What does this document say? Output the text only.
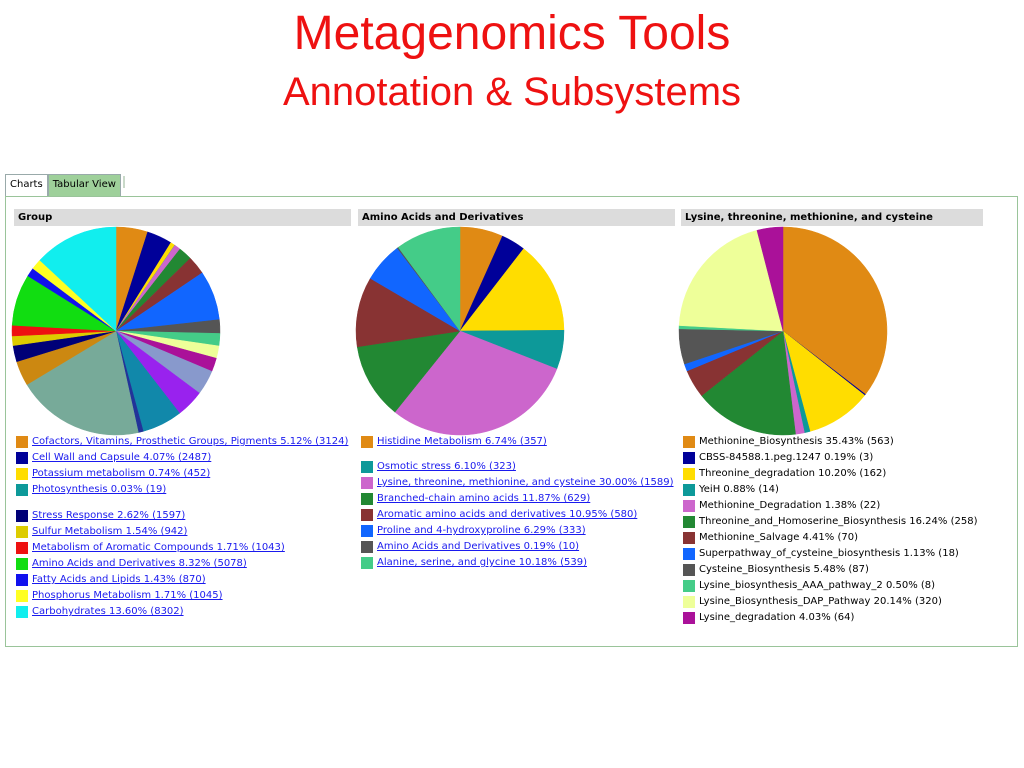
Metagenomics Tools
Annotation & Subsystems
Charts	Tabular View
Group	Amino Acids and Derivatives	Lysine, threonine, methionine, and cysteine
Cofactors, Vitamins, Prosthetic Groups, Pigments 5.12% (3124)
Cell Wall and Capsule 4.07% (2487)
Potassium metabolism 0.74% (452)
Photosynthesis 0.03% (19)
Stress Response 2.62% (1597)
Sulfur Metabolism 1.54% (942)
Metabolism of Aromatic Compounds 1.71% (1043)
Amino Acids and Derivatives 8.32% (5078)
Fatty Acids and Lipids 1.43% (870)
Phosphorus Metabolism 1.71% (1045)
Carbohydrates 13.60% (8302)
Histidine Metabolism 6.74% (357)
Osmotic stress 6.10% (323)
Lysine, threonine, methionine, and cysteine 30.00% (1589)
Branched-chain amino acids 11.87% (629)
Aromatic amino acids and derivatives 10.95% (580)
Proline and 4-hydroxyproline 6.29% (333)
Amino Acids and Derivatives 0.19% (10)
Alanine, serine, and glycine 10.18% (539)
Methionine_Biosynthesis 35.43% (563)
CBSS-84588.1.peg.1247 0.19% (3)
Threonine_degradation 10.20% (162)
YeiH 0.88% (14)
Methionine_Degradation 1.38% (22)
Threonine_and_Homoserine_Biosynthesis 16.24% (258)
Methionine_Salvage 4.41% (70)
Superpathway_of_cysteine_biosynthesis 1.13% (18)
Cysteine_Biosynthesis 5.48% (87)
Lysine_biosynthesis_AAA_pathway_2 0.50% (8)
Lysine_Biosynthesis_DAP_Pathway 20.14% (320)
Lysine_degradation 4.03% (64)
